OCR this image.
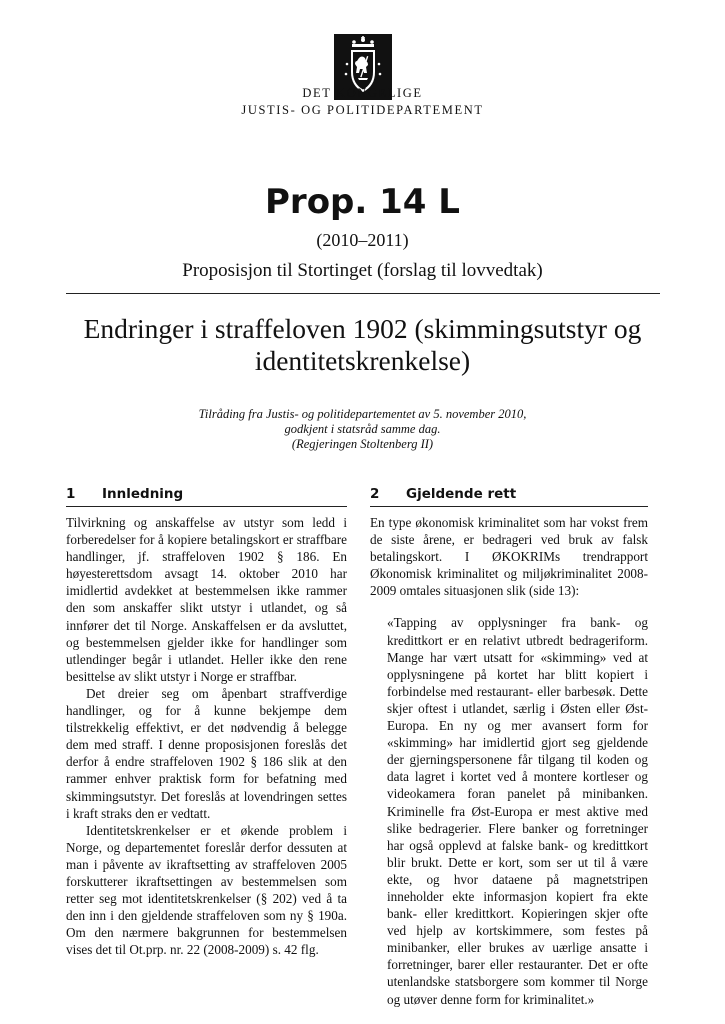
DET KONGELIGE
JUSTIS- OG POLITIDEPARTEMENT
Prop. 14 L
(2010–2011)
Proposisjon til Stortinget (forslag til lovvedtak)
Endringer i straffeloven 1902 (skimmingsutstyr og identitetskrenkelse)
Tilråding fra Justis- og politidepartementet av 5. november 2010,
godkjent i statsråd samme dag.
(Regjeringen Stoltenberg II)
1 Innledning

Tilvirkning og anskaffelse av utstyr som ledd i forberedelser for å kopiere betalingskort er straffbare handlinger, jf. straffeloven 1902 § 186. En høyesterettsdom avsagt 14. oktober 2010 har imidlertid avdekket at bestemmelsen ikke rammer den som anskaffer slikt utstyr i utlandet, og så innfører det til Norge. Anskaffelsen er da avsluttet, og bestemmelsen gjelder ikke for handlinger som utlendinger begår i utlandet. Heller ikke den rene besittelse av slikt utstyr i Norge er straffbar.

Det dreier seg om åpenbart straffverdige handlinger, og for å kunne bekjempe dem tilstrekkelig effektivt, er det nødvendig å belegge dem med straff. I denne proposisjonen foreslås det derfor å endre straffeloven 1902 § 186 slik at den rammer enhver praktisk form for befatning med skimmingsutstyr. Det foreslås at lovendringen settes i kraft straks den er vedtatt.

Identitetskrenkelser er et økende problem i Norge, og departementet foreslår derfor dessuten at man i påvente av ikraftsetting av straffeloven 2005 forskutterer ikraftsettingen av bestemmelsen som retter seg mot identitetskrenkelser (§ 202) ved å ta den inn i den gjeldende straffeloven som ny § 190a. Om den nærmere bakgrunnen for bestemmelsen vises det til Ot.prp. nr. 22 (2008-2009) s. 42 flg.

2 Gjeldende rett

En type økonomisk kriminalitet som har vokst frem de siste årene, er bedrageri ved bruk av falsk betalingskort. I ØKOKRIMs trendrapport Økonomisk kriminalitet og miljøkriminalitet 2008-2009 omtales situasjonen slik (side 13):

«Tapping av opplysninger fra bank- og kredittkort er en relativt utbredt bedrageriform. Mange har vært utsatt for «skimming» ved at opplysningene på kortet har blitt kopiert i forbindelse med restaurant- eller barbesøk. Dette skjer oftest i utlandet, særlig i Østen eller Øst-Europa. En ny og mer avansert form for «skimming» har imidlertid gjort seg gjeldende der gjerningspersonene får tilgang til koden og data lagret i kortet ved å montere kortleser og videokamera foran panelet på minibanken. Kriminelle fra Øst-Europa er mest aktive med slike bedragerier. Flere banker og forretninger har også opplevd at falske bank- og kredittkort blir brukt. Dette er kort, som ser ut til å være ekte, og hvor dataene på magnetstripen inneholder ekte informasjon kopiert fra ekte bank- eller kredittkort. Kopieringen skjer ofte ved hjelp av kortskimmere, som festes på minibanker, eller brukes av uærlige ansatte i forretninger, barer eller restauranter. Det er ofte utenlandske statsborgere som kommer til Norge og utøver denne form for kriminalitet.»
